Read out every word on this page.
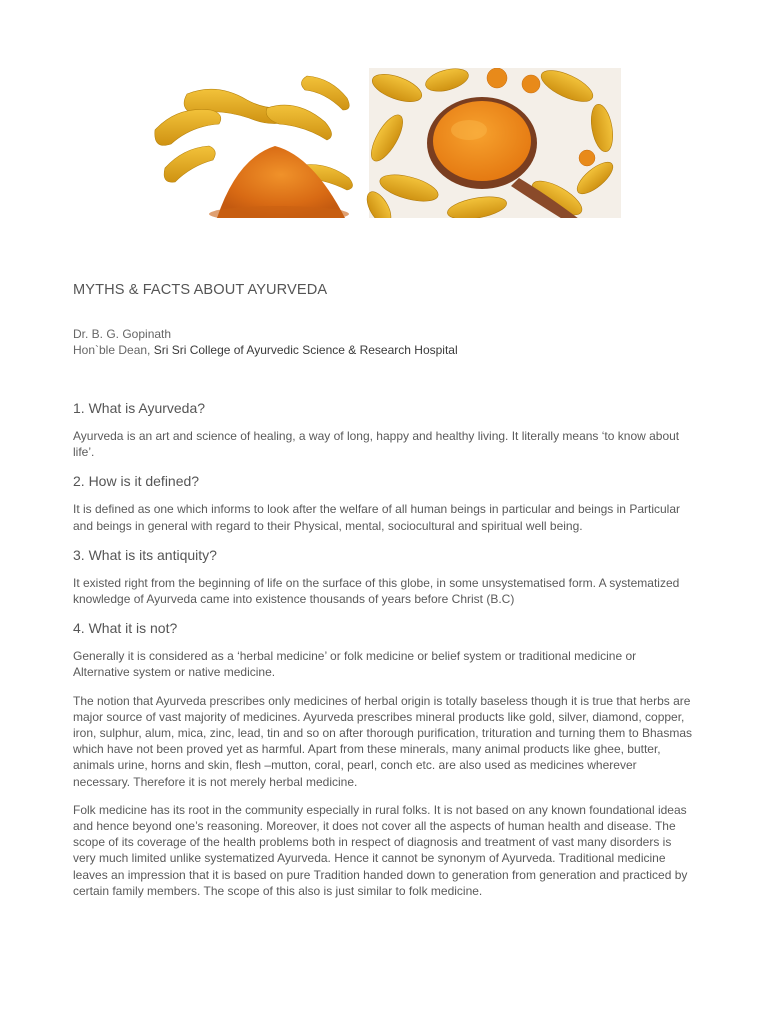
MYTHS & FACTS ABOUT AYURVEDA
Dr. B. G. Gopinath
Hon`ble Dean, Sri Sri College of Ayurvedic Science & Research Hospital
1. What is Ayurveda?

Ayurveda is an art and science of healing, a way of long, happy and healthy living. It literally means ‘to know about life’.

2. How is it defined?

It is defined as one which informs to look after the welfare of all human beings in particular and beings in Particular and beings in general with regard to their Physical, mental, sociocultural and spiritual well being.

3. What is its antiquity?

It existed right from the beginning of life on the surface of this globe, in some unsystematised form. A systematized knowledge of Ayurveda came into existence thousands of years before Christ (B.C)

4. What it is not?

Generally it is considered as a ‘herbal medicine’ or folk medicine or belief system or traditional medicine or Alternative system or native medicine.

The notion that Ayurveda prescribes only medicines of herbal origin is totally baseless though it is true that herbs are major source of vast majority of medicines. Ayurveda prescribes mineral products like gold, silver, diamond, copper, iron, sulphur, alum, mica, zinc, lead, tin and so on after thorough purification, trituration and turning them to Bhasmas which have not been proved yet as harmful. Apart from these minerals, many animal products like ghee, butter, animals urine, horns and skin, flesh –mutton, coral, pearl, conch etc. are also used as medicines wherever necessary. Therefore it is not merely herbal medicine.

Folk medicine has its root in the community especially in rural folks. It is not based on any known foundational ideas and hence beyond one’s reasoning. Moreover, it does not cover all the aspects of human health and disease. The scope of its coverage of the health problems both in respect of diagnosis and treatment of vast many disorders is very much limited unlike systematized Ayurveda. Hence it cannot be synonym of Ayurveda. Traditional medicine leaves an impression that it is based on pure Tradition handed down to generation from generation and practiced by certain family members. The scope of this also is just similar to folk medicine.
